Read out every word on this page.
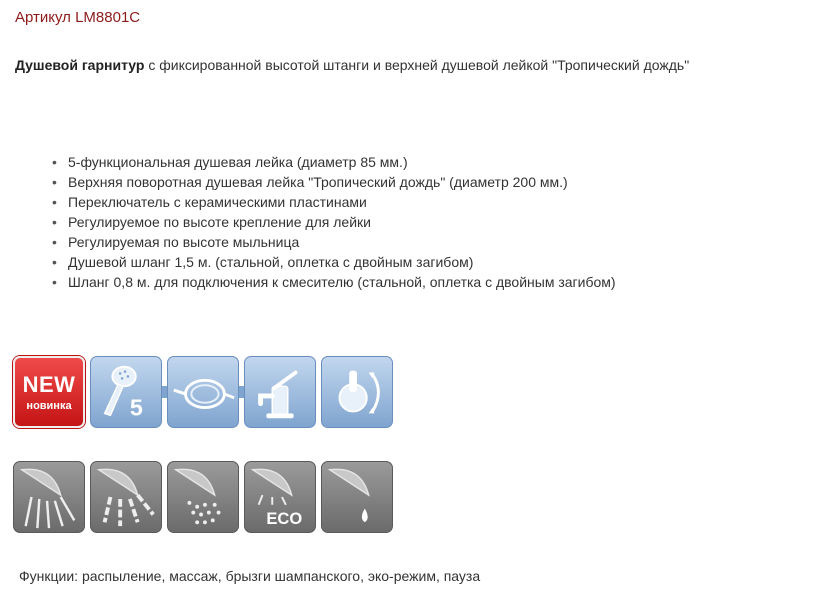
Артикул LM8801C
Душевой гарнитур с фиксированной высотой штанги и верхней душевой лейкой "Тропический дождь"
• 5-функциональная душевая лейка (диаметр 85 мм.)
• Верхняя поворотная душевая лейка "Тропический дождь" (диаметр 200 мм.)
• Переключатель с керамическими пластинами
• Регулируемое по высоте крепление для лейки
• Регулируемая по высоте мыльница
• Душевой шланг 1,5 м. (стальной, оплетка с двойным загибом)
• Шланг 0,8 м. для подключения к смесителю (стальной, оплетка с двойным загибом)
NEW
новинка	5
ECO
Функции: распыление, массаж, брызги шампанского, эко-режим, пауза
